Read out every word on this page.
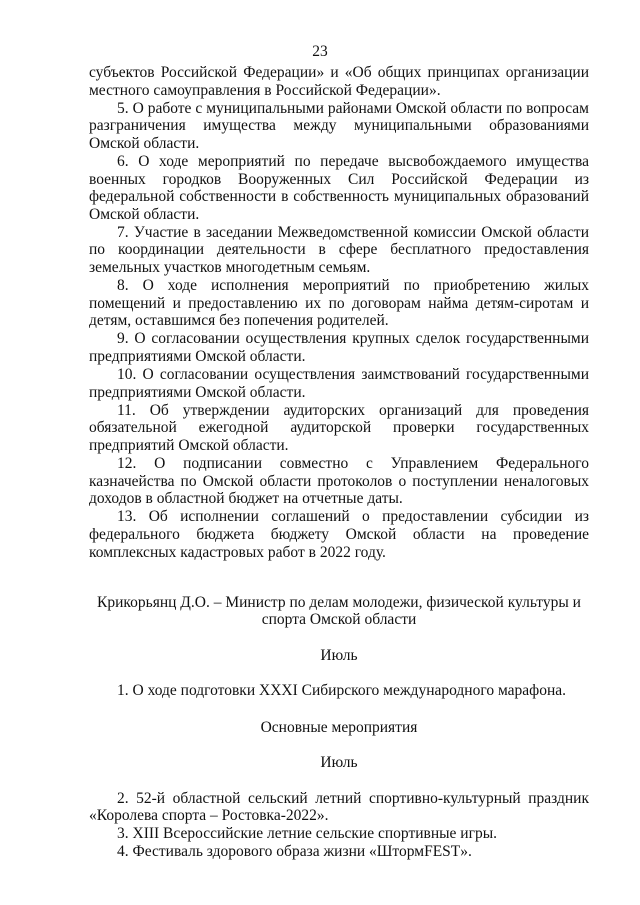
23

субъектов Российской Федерации» и «Об общих принципах организации местного самоуправления в Российской Федерации».

5. О работе с муниципальными районами Омской области по вопросам разграничения имущества между муниципальными образованиями Омской области.

6. О ходе мероприятий по передаче высвобождаемого имущества военных городков Вооруженных Сил Российской Федерации из федеральной собственности в собственность муниципальных образований Омской области.

7. Участие в заседании Межведомственной комиссии Омской области по координации деятельности в сфере бесплатного предоставления земельных участков многодетным семьям.

8. О ходе исполнения мероприятий по приобретению жилых помещений и предоставлению их по договорам найма детям-сиротам и детям, оставшимся без попечения родителей.

9. О согласовании осуществления крупных сделок государственными предприятиями Омской области.

10. О согласовании осуществления заимствований государственными предприятиями Омской области.

11. Об утверждении аудиторских организаций для проведения обязательной ежегодной аудиторской проверки государственных предприятий Омской области.

12. О подписании совместно с Управлением Федерального казначейства по Омской области протоколов о поступлении неналоговых доходов в областной бюджет на отчетные даты.

13. Об исполнении соглашений о предоставлении субсидии из федерального бюджета бюджету Омской области на проведение комплексных кадастровых работ в 2022 году.

Крикорьянц Д.О. – Министр по делам молодежи, физической культуры и спорта Омской области

Июль

1. О ходе подготовки XXXI Сибирского международного марафона.

Основные мероприятия

Июль

2. 52-й областной сельский летний спортивно-культурный праздник «Королева спорта – Ростовка-2022».

3. XIII Всероссийские летние сельские спортивные игры.

4. Фестиваль здорового образа жизни «ШтормFEST».
